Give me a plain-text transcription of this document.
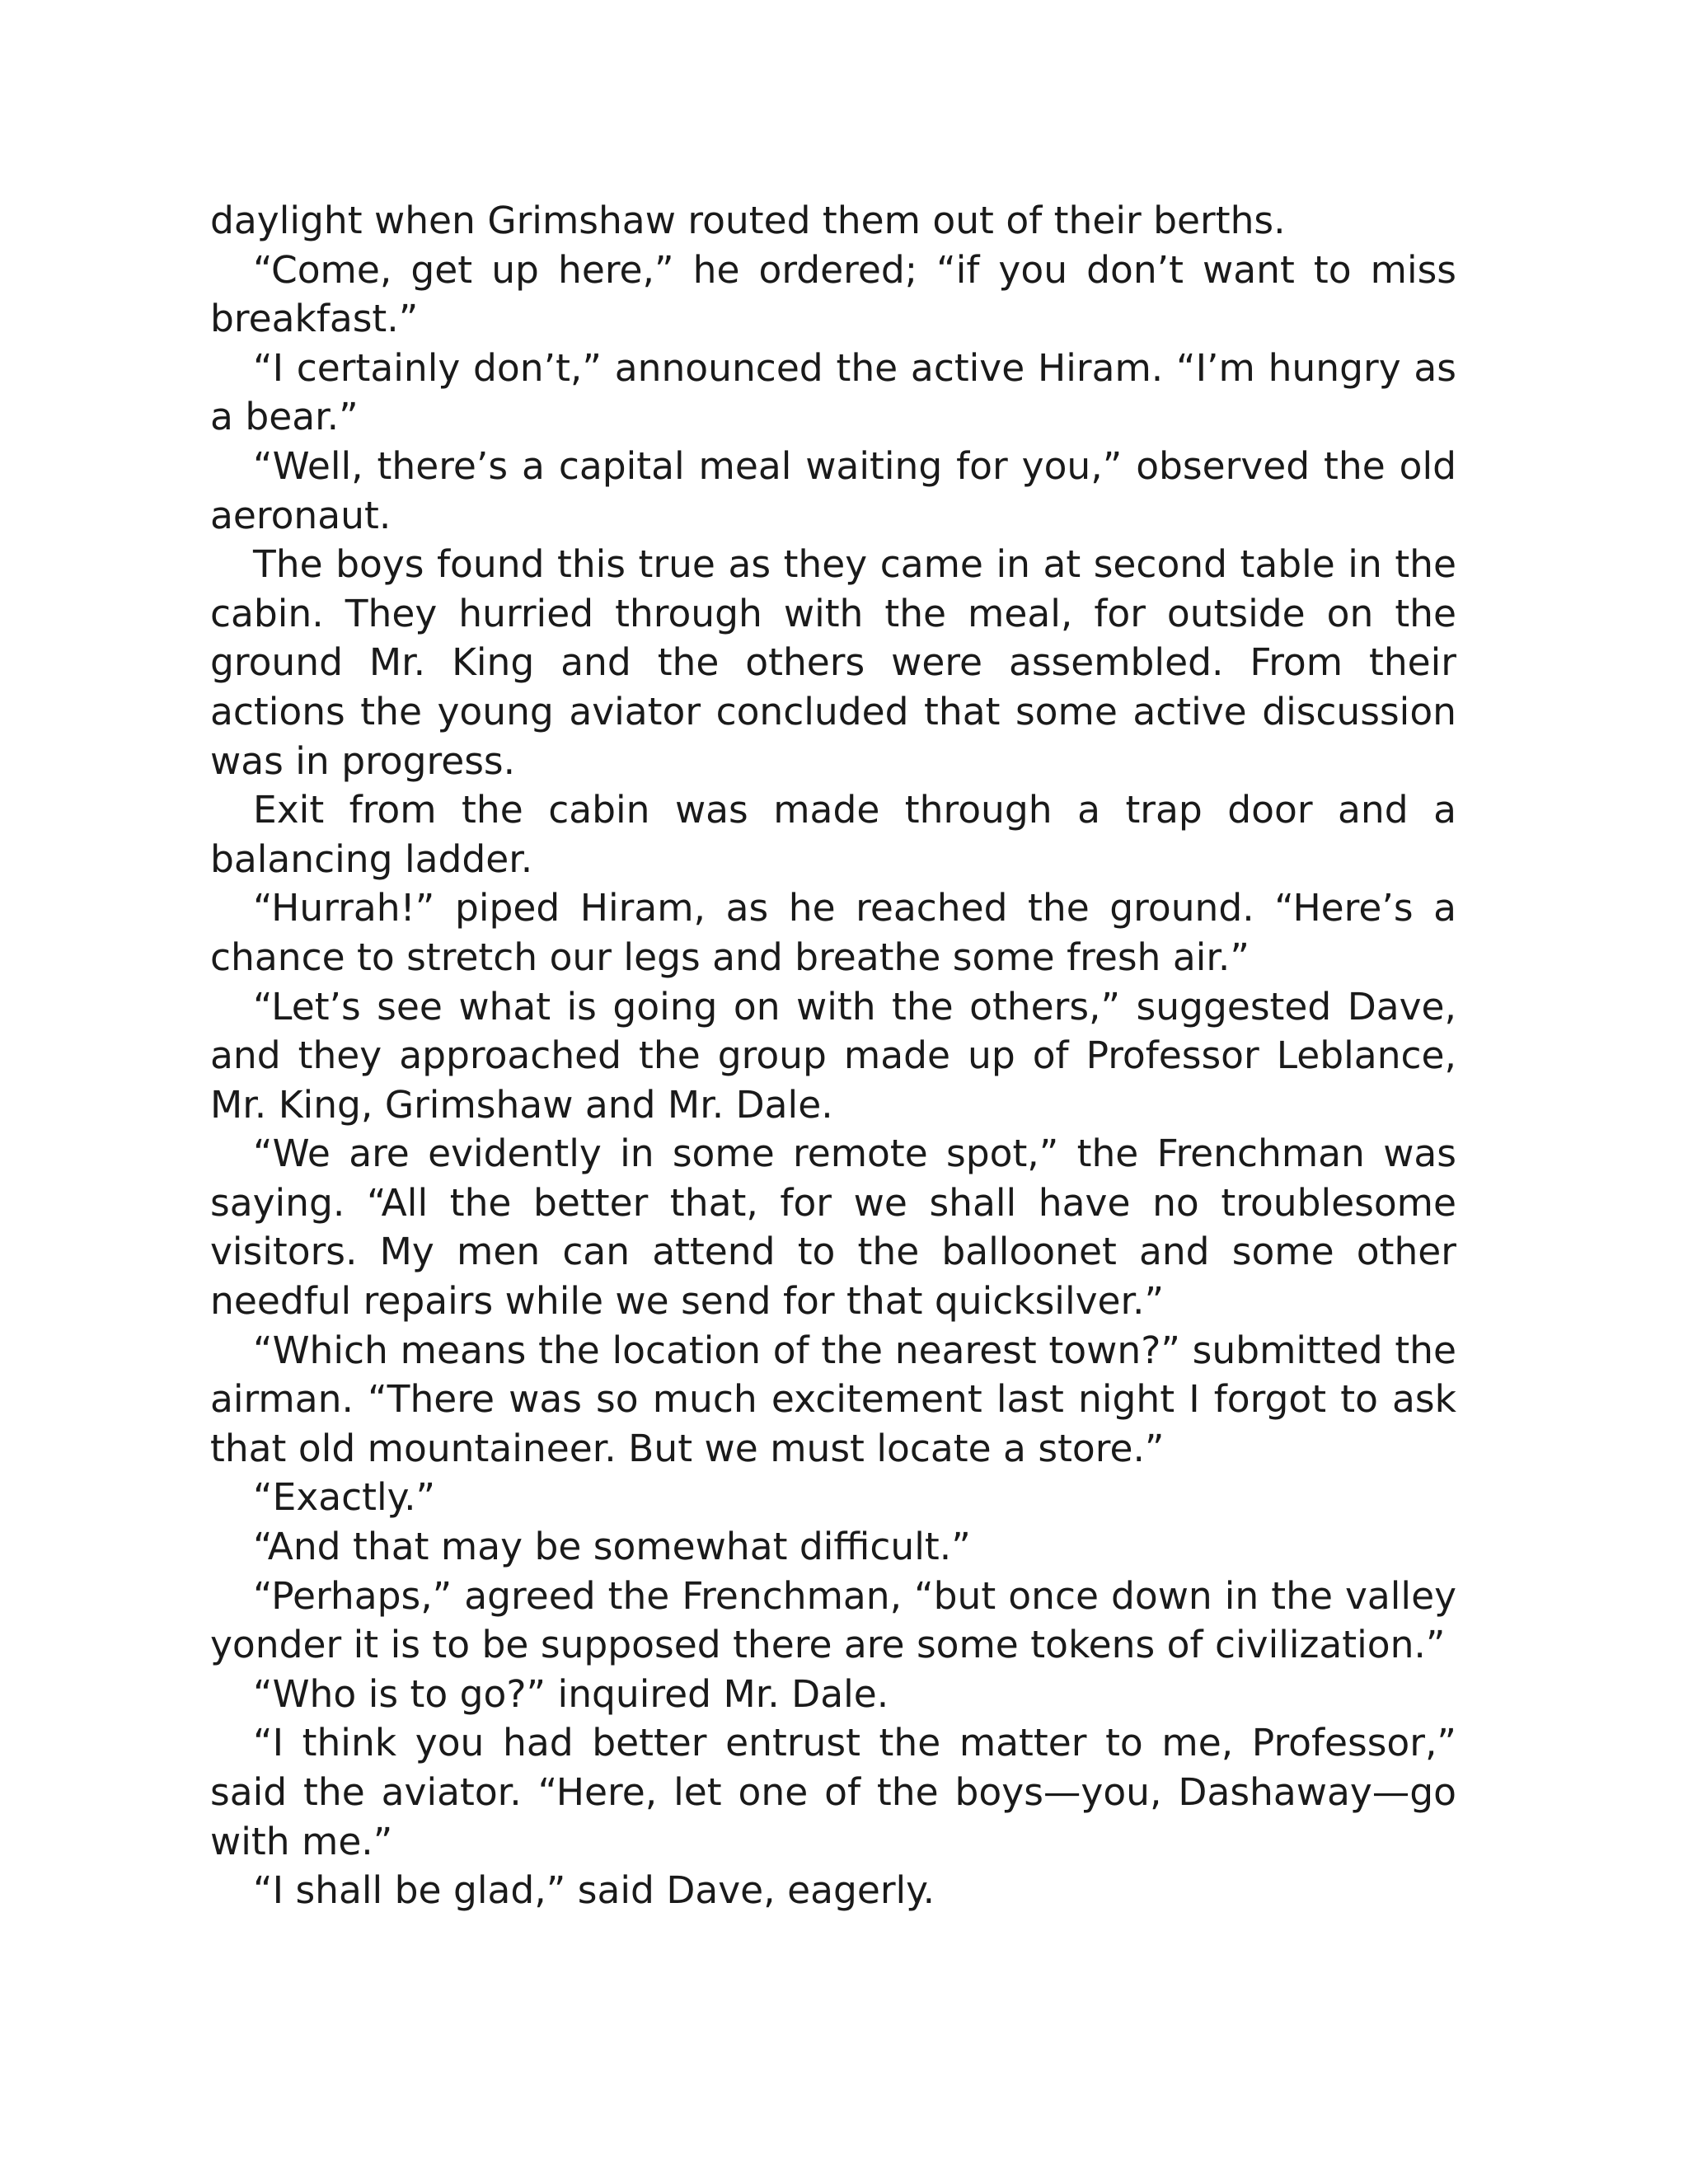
daylight when Grimshaw routed them out of their berths.

“Come, get up here,” he ordered; “if you don’t want to miss breakfast.”

“I certainly don’t,” announced the active Hiram. “I’m hungry as a bear.”

“Well, there’s a capital meal waiting for you,” observed the old aeronaut.

The boys found this true as they came in at second table in the cabin. They hurried through with the meal, for outside on the ground Mr. King and the others were assembled. From their actions the young aviator concluded that some active discussion was in progress.

Exit from the cabin was made through a trap door and a balancing ladder.

“Hurrah!” piped Hiram, as he reached the ground. “Here’s a chance to stretch our legs and breathe some fresh air.”

“Let’s see what is going on with the others,” suggested Dave, and they approached the group made up of Professor Leblance, Mr. King, Grimshaw and Mr. Dale.

“We are evidently in some remote spot,” the Frenchman was saying. “All the better that, for we shall have no troublesome visitors. My men can attend to the balloonet and some other needful repairs while we send for that quicksilver.”

“Which means the location of the nearest town?” submitted the airman. “There was so much excitement last night I forgot to ask that old mountaineer. But we must locate a store.”

“Exactly.”

“And that may be somewhat difficult.”

“Perhaps,” agreed the Frenchman, “but once down in the valley yonder it is to be supposed there are some tokens of civilization.”

“Who is to go?” inquired Mr. Dale.

“I think you had better entrust the matter to me, Professor,” said the aviator. “Here, let one of the boys—you, Dashaway—go with me.”

“I shall be glad,” said Dave, eagerly.
